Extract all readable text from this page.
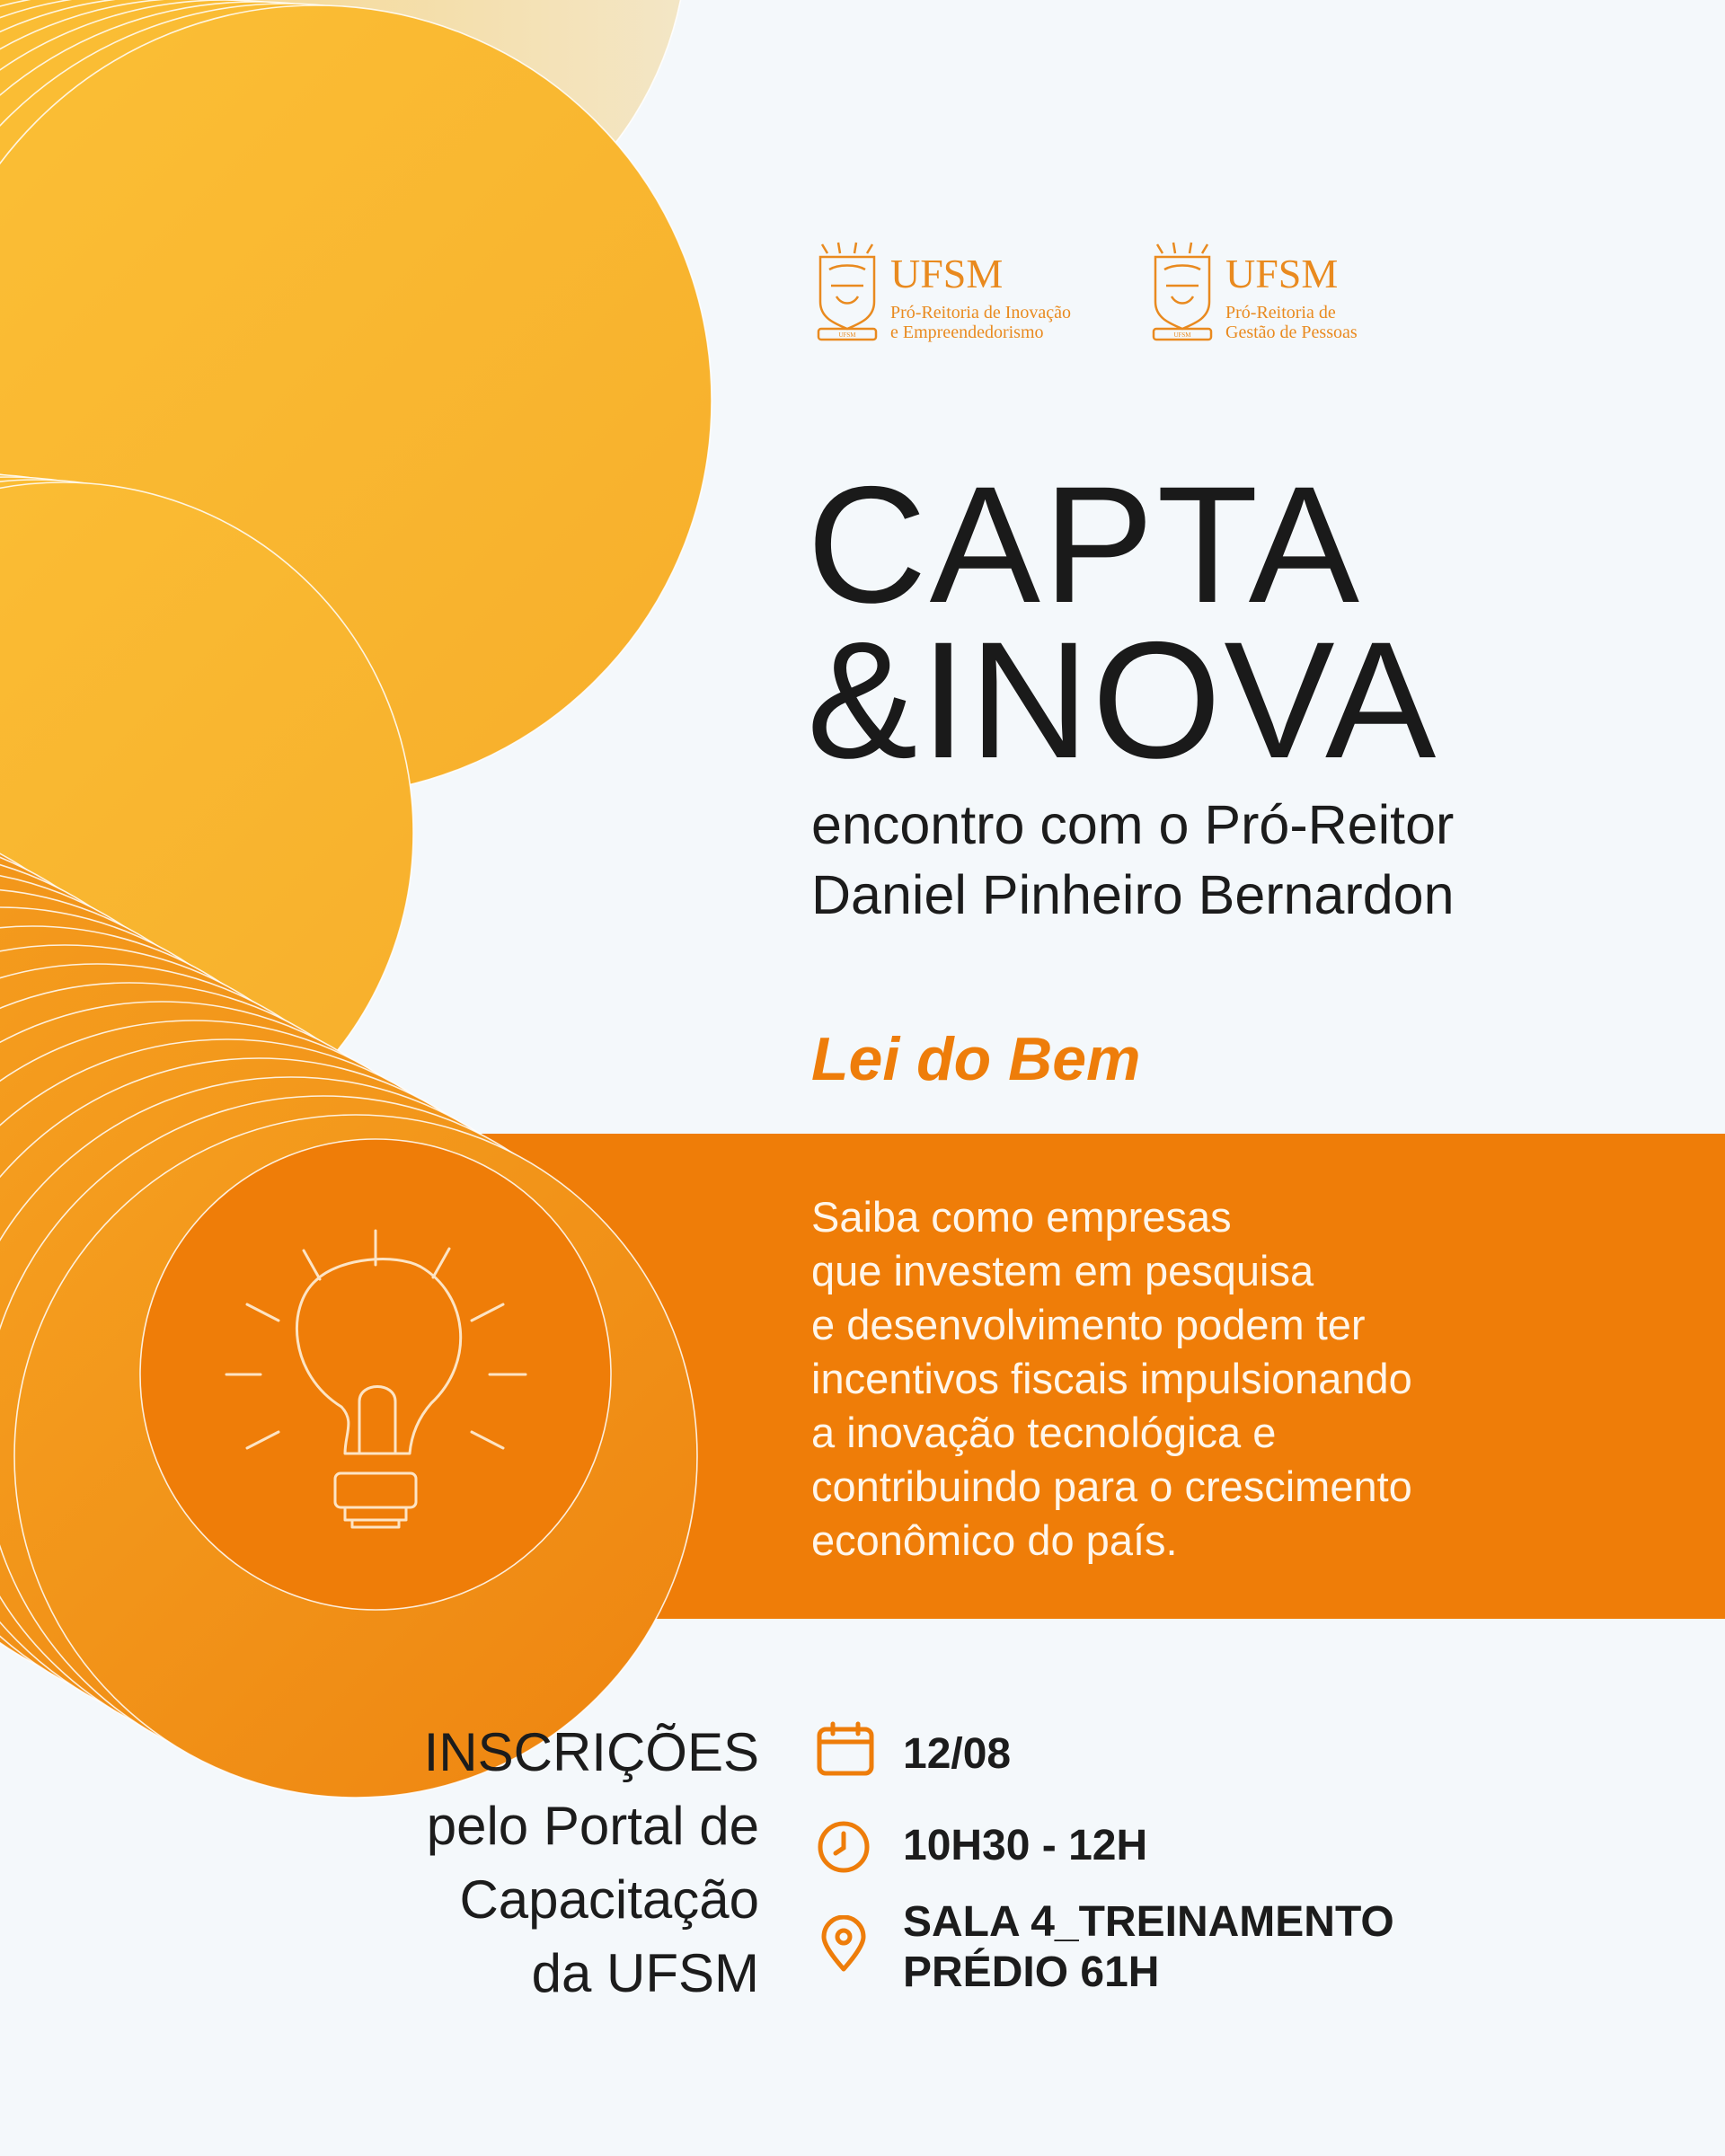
UFSM
UFSM
Pró-Reitoria de Inovação
e Empreendedorismo	UFSM
UFSM
Pró-Reitoria de
Gestão de Pessoas
CAPTA
&INOVA
encontro com o Pró-Reitor
Daniel Pinheiro Bernardon
Lei do Bem
Saiba como empresas
que investem em pesquisa
e desenvolvimento podem ter
incentivos fiscais impulsionando
a inovação tecnológica e
contribuindo para o crescimento
econômico do país.
INSCRIÇÕES
pelo Portal de
Capacitação
da UFSM
12/08
10H30 - 12H
SALA 4_TREINAMENTO
PRÉDIO 61H
